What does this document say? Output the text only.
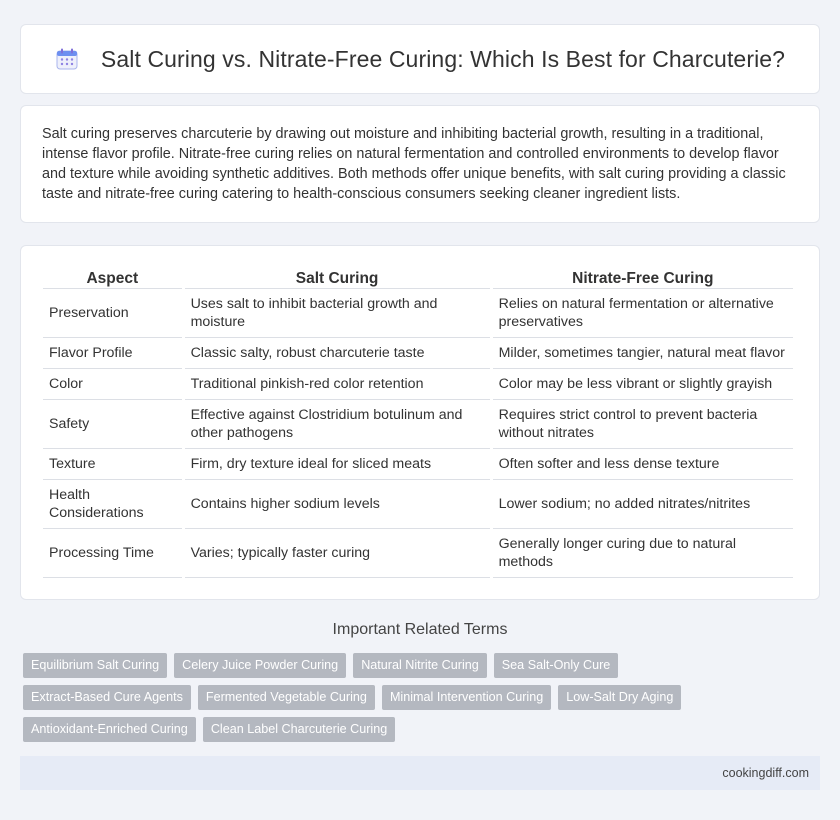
Salt Curing vs. Nitrate-Free Curing: Which Is Best for Charcuterie?

Salt curing preserves charcuterie by drawing out moisture and inhibiting bacterial growth, resulting in a traditional, intense flavor profile. Nitrate-free curing relies on natural fermentation and controlled environments to develop flavor and texture while avoiding synthetic additives. Both methods offer unique benefits, with salt curing providing a classic taste and nitrate-free curing catering to health-conscious consumers seeking cleaner ingredient lists.

Aspect	Salt Curing	Nitrate-Free Curing
Preservation	Uses salt to inhibit bacterial growth and moisture	Relies on natural fermentation or alternative preservatives
Flavor Profile	Classic salty, robust charcuterie taste	Milder, sometimes tangier, natural meat flavor
Color	Traditional pinkish-red color retention	Color may be less vibrant or slightly grayish
Safety	Effective against Clostridium botulinum and other pathogens	Requires strict control to prevent bacteria without nitrates
Texture	Firm, dry texture ideal for sliced meats	Often softer and less dense texture
Health Considerations	Contains higher sodium levels	Lower sodium; no added nitrates/nitrites
Processing Time	Varies; typically faster curing	Generally longer curing due to natural methods
Important Related Terms
Equilibrium Salt Curing	Celery Juice Powder Curing	Natural Nitrite Curing	Sea Salt-Only Cure
Extract-Based Cure Agents	Fermented Vegetable Curing	Minimal Intervention Curing	Low-Salt Dry Aging
Antioxidant-Enriched Curing	Clean Label Charcuterie Curing
cookingdiff.com
